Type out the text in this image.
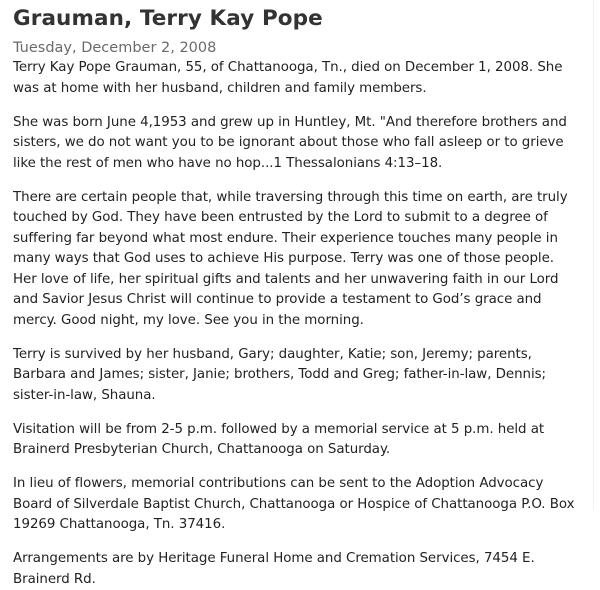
Grauman, Terry Kay Pope
Tuesday, December 2, 2008

Terry Kay Pope Grauman, 55, of Chattanooga, Tn., died on December 1, 2008. She was at home with her husband, children and family members.

She was born June 4,1953 and grew up in Huntley, Mt. "And therefore brothers and sisters, we do not want you to be ignorant about those who fall asleep or to grieve like the rest of men who have no hop...1 Thessalonians 4:13–18.

There are certain people that, while traversing through this time on earth, are truly touched by God. They have been entrusted by the Lord to submit to a degree of suffering far beyond what most endure. Their experience touches many people in many ways that God uses to achieve His purpose. Terry was one of those people. Her love of life, her spiritual gifts and talents and her unwavering faith in our Lord and Savior Jesus Christ will continue to provide a testament to God’s grace and mercy. Good night, my love. See you in the morning.

Terry is survived by her husband, Gary; daughter, Katie; son, Jeremy; parents, Barbara and James; sister, Janie; brothers, Todd and Greg; father-in-law, Dennis; sister-in-law, Shauna.

Visitation will be from 2-5 p.m. followed by a memorial service at 5 p.m. held at Brainerd Presbyterian Church, Chattanooga on Saturday.

In lieu of flowers, memorial contributions can be sent to the Adoption Advocacy Board of Silverdale Baptist Church, Chattanooga or Hospice of Chattanooga P.O. Box 19269 Chattanooga, Tn. 37416.

Arrangements are by Heritage Funeral Home and Cremation Services, 7454 E. Brainerd Rd.
